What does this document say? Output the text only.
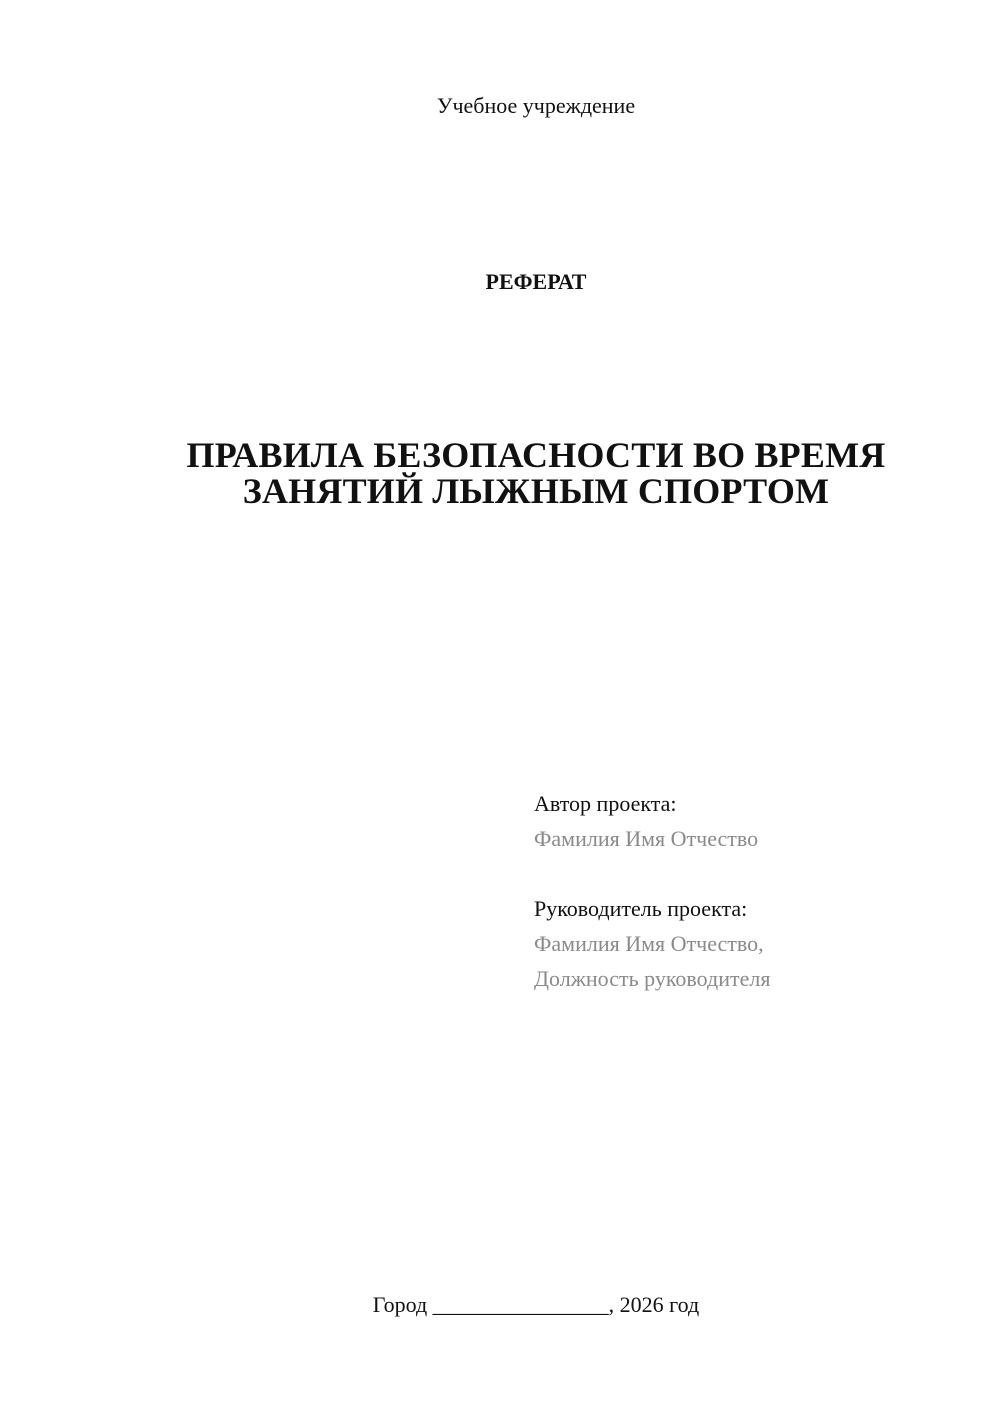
Учебное учреждение
РЕФЕРАТ
ПРАВИЛА БЕЗОПАСНОСТИ ВО ВРЕМЯ
ЗАНЯТИЙ ЛЫЖНЫМ СПОРТОМ
Автор проекта:
Фамилия Имя Отчество
Руководитель проекта:
Фамилия Имя Отчество,
Должность руководителя
Город ________________, 2026 год
